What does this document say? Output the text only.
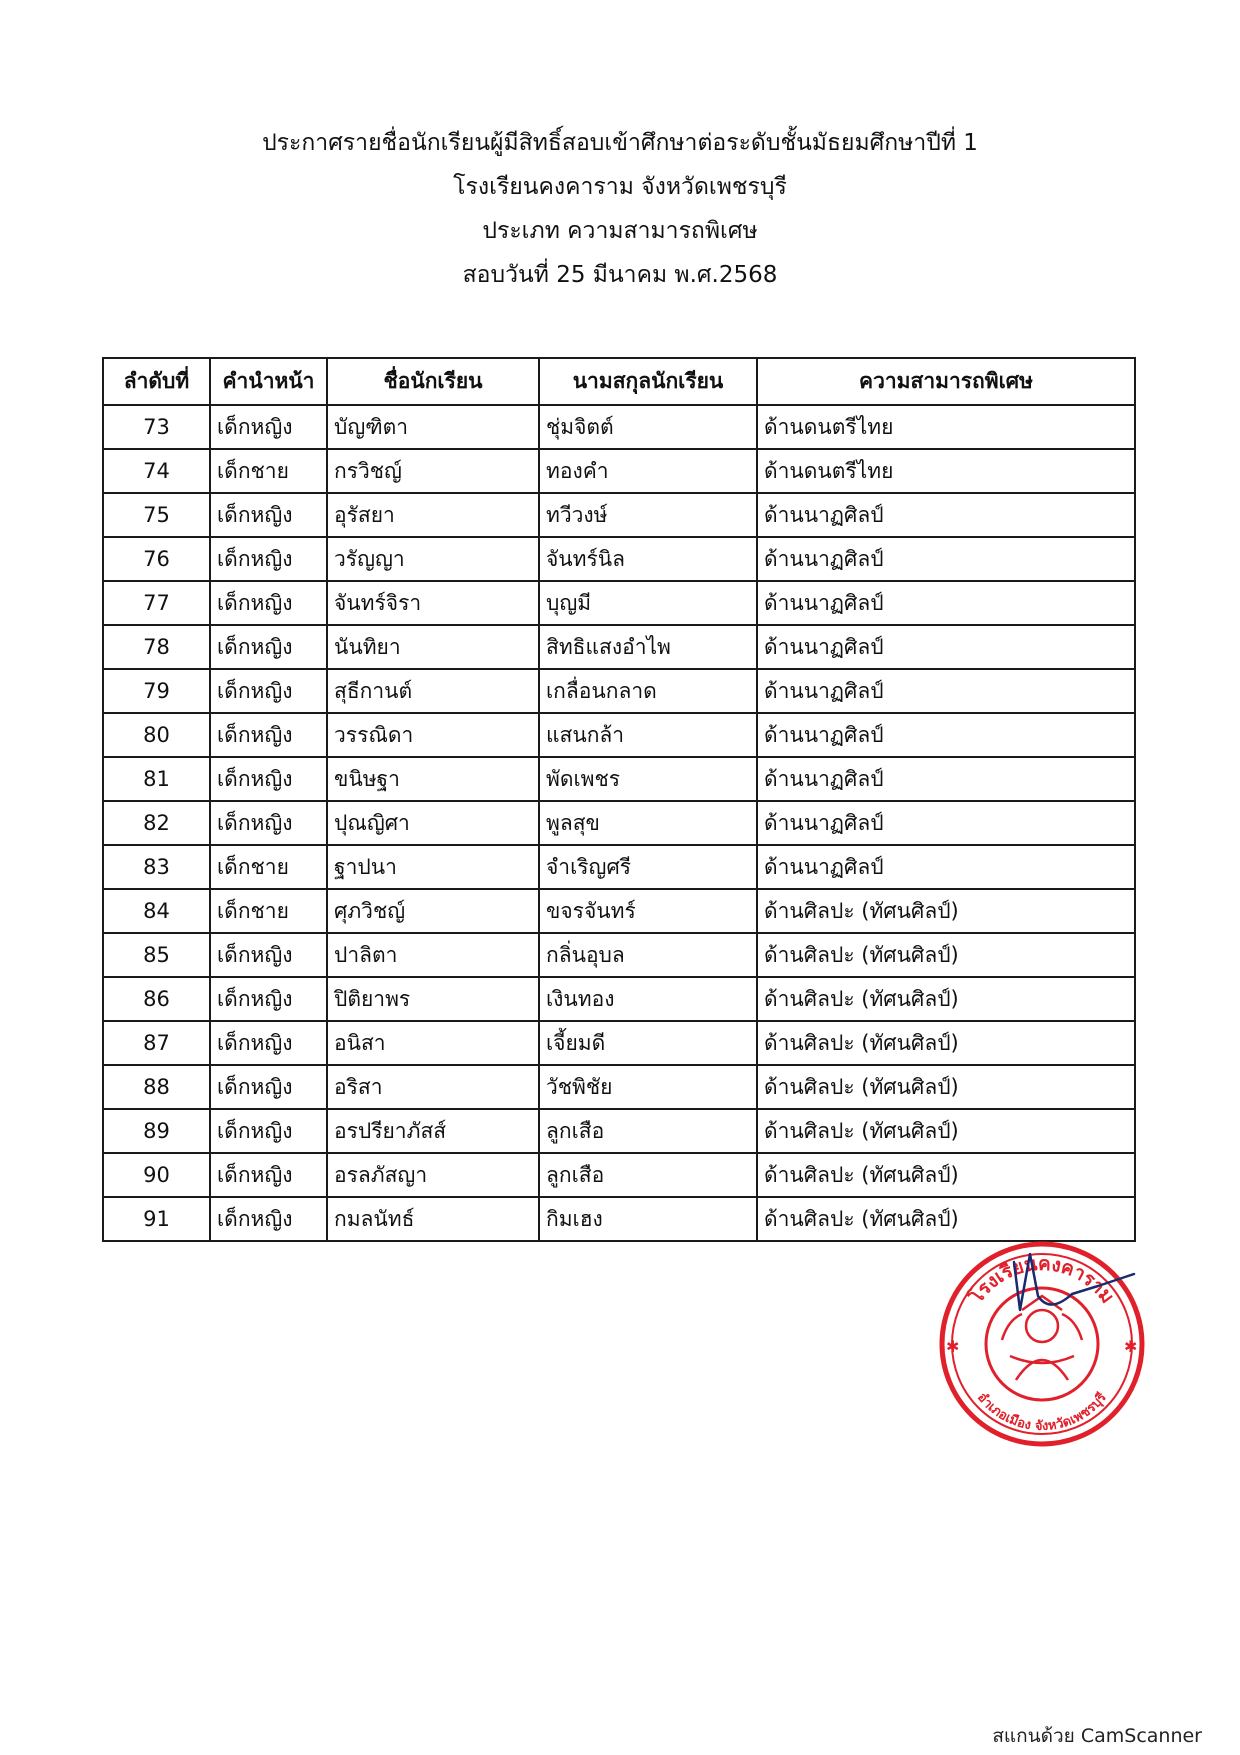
ประกาศรายชื่อนักเรียนผู้มีสิทธิ์สอบเข้าศึกษาต่อระดับชั้นมัธยมศึกษาปีที่ 1
โรงเรียนคงคาราม จังหวัดเพชรบุรี
ประเภท ความสามารถพิเศษ
สอบวันที่ 25 มีนาคม พ.ศ.2568
ลำดับที่	คำนำหน้า	ชื่อนักเรียน	นามสกุลนักเรียน	ความสามารถพิเศษ
73	เด็กหญิง	บัญฑิตา	ชุ่มจิตต์	ด้านดนตรีไทย
74	เด็กชาย	กรวิชญ์	ทองคำ	ด้านดนตรีไทย
75	เด็กหญิง	อุรัสยา	ทวีวงษ์	ด้านนาฏศิลป์
76	เด็กหญิง	วรัญญา	จันทร์นิล	ด้านนาฏศิลป์
77	เด็กหญิง	จันทร์จิรา	บุญมี	ด้านนาฏศิลป์
78	เด็กหญิง	นันทิยา	สิทธิแสงอำไพ	ด้านนาฏศิลป์
79	เด็กหญิง	สุธีกานต์	เกลื่อนกลาด	ด้านนาฏศิลป์
80	เด็กหญิง	วรรณิดา	แสนกล้า	ด้านนาฏศิลป์
81	เด็กหญิง	ขนิษฐา	พัดเพชร	ด้านนาฏศิลป์
82	เด็กหญิง	ปุณญิศา	พูลสุข	ด้านนาฏศิลป์
83	เด็กชาย	ฐาปนา	จำเริญศรี	ด้านนาฏศิลป์
84	เด็กชาย	ศุภวิชญ์	ขจรจันทร์	ด้านศิลปะ (ทัศนศิลป์)
85	เด็กหญิง	ปาลิตา	กลิ่นอุบล	ด้านศิลปะ (ทัศนศิลป์)
86	เด็กหญิง	ปิติยาพร	เงินทอง	ด้านศิลปะ (ทัศนศิลป์)
87	เด็กหญิง	อนิสา	เจี้ยมดี	ด้านศิลปะ (ทัศนศิลป์)
88	เด็กหญิง	อริสา	วัชพิชัย	ด้านศิลปะ (ทัศนศิลป์)
89	เด็กหญิง	อรปรียาภัสส์	ลูกเสือ	ด้านศิลปะ (ทัศนศิลป์)
90	เด็กหญิง	อรลภัสญา	ลูกเสือ	ด้านศิลปะ (ทัศนศิลป์)
91	เด็กหญิง	กมลนัทธ์	กิมเฮง	ด้านศิลปะ (ทัศนศิลป์)
✱	✱
โรงเรียนคงคาราม
อำเภอเมือง จังหวัดเพชรบุรี
สแกนด้วย CamScanner
